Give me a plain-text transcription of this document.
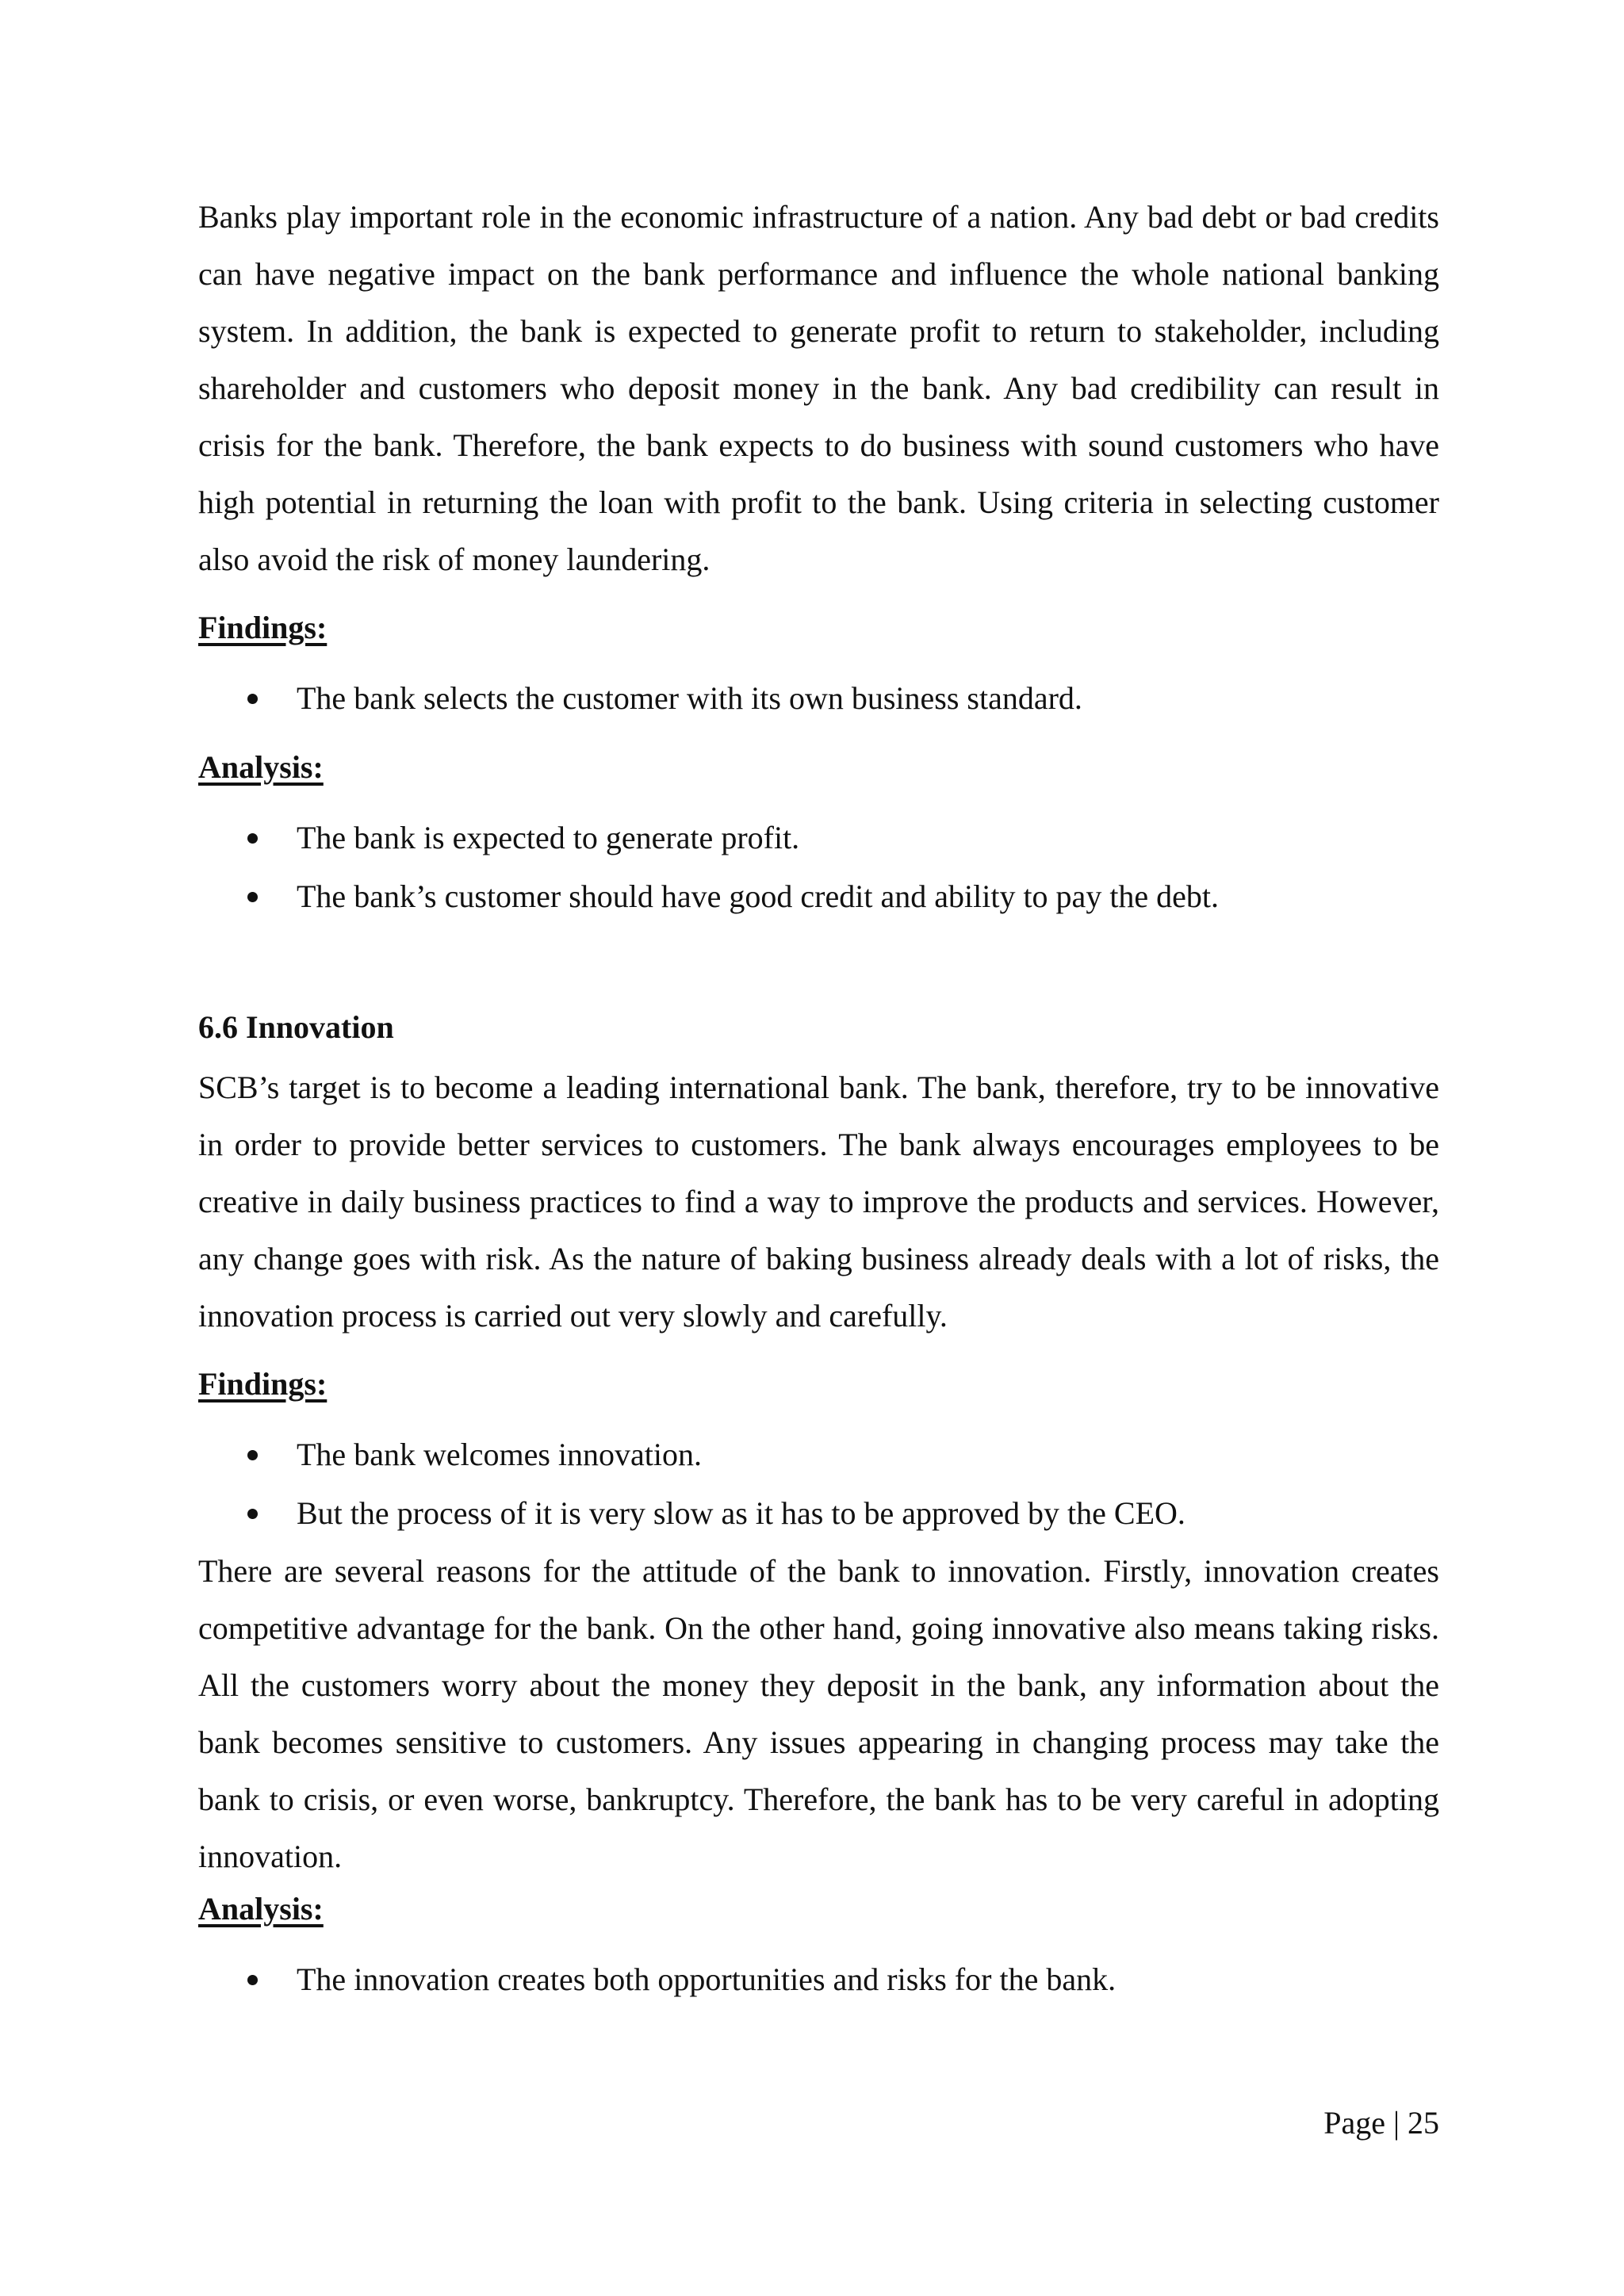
Banks play important role in the economic infrastructure of a nation. Any bad debt or bad credits can have negative impact on the bank performance and influence the whole national banking system. In addition, the bank is expected to generate profit to return to stakeholder, including shareholder and customers who deposit money in the bank. Any bad credibility can result in crisis for the bank. Therefore, the bank expects to do business with sound customers who have high potential in returning the loan with profit to the bank. Using criteria in selecting customer also avoid the risk of money laundering.

Findings:

The bank selects the customer with its own business standard.

Analysis:

The bank is expected to generate profit.
The bank’s customer should have good credit and ability to pay the debt.

6.6 Innovation

SCB’s target is to become a leading international bank. The bank, therefore, try to be innovative in order to provide better services to customers. The bank always encourages employees to be creative in daily business practices to find a way to improve the products and services. However, any change goes with risk. As the nature of baking business already deals with a lot of risks, the innovation process is carried out very slowly and carefully.

Findings:

The bank welcomes innovation.
But the process of it is very slow as it has to be approved by the CEO.

There are several reasons for the attitude of the bank to innovation. Firstly, innovation creates competitive advantage for the bank. On the other hand, going innovative also means taking risks. All the customers worry about the money they deposit in the bank, any information about the bank becomes sensitive to customers. Any issues appearing in changing process may take the bank to crisis, or even worse, bankruptcy. Therefore, the bank has to be very careful in adopting innovation.

Analysis:

The innovation creates both opportunities and risks for the bank.
Page | 25
